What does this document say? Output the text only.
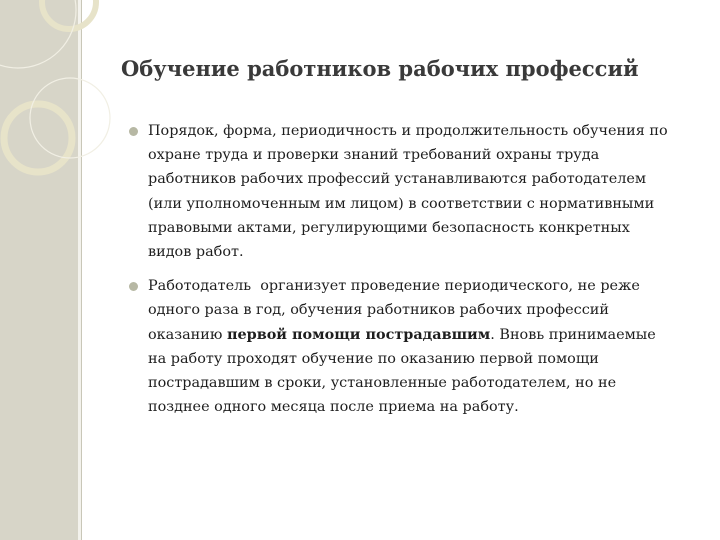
Обучение работников рабочих профессий
Порядок, форма, периодичность и продолжительность обучения по
охране труда и проверки знаний требований охраны труда
работников рабочих профессий устанавливаются работодателем
(или уполномоченным им лицом) в соответствии с нормативными
правовыми актами, регулирующими безопасность конкретных
видов работ.
Работодатель  организует проведение периодического, не реже
одного раза в год, обучения работников рабочих профессий
оказанию первой помощи пострадавшим. Вновь принимаемые
на работу проходят обучение по оказанию первой помощи
пострадавшим в сроки, установленные работодателем, но не
позднее одного месяца после приема на работу.
